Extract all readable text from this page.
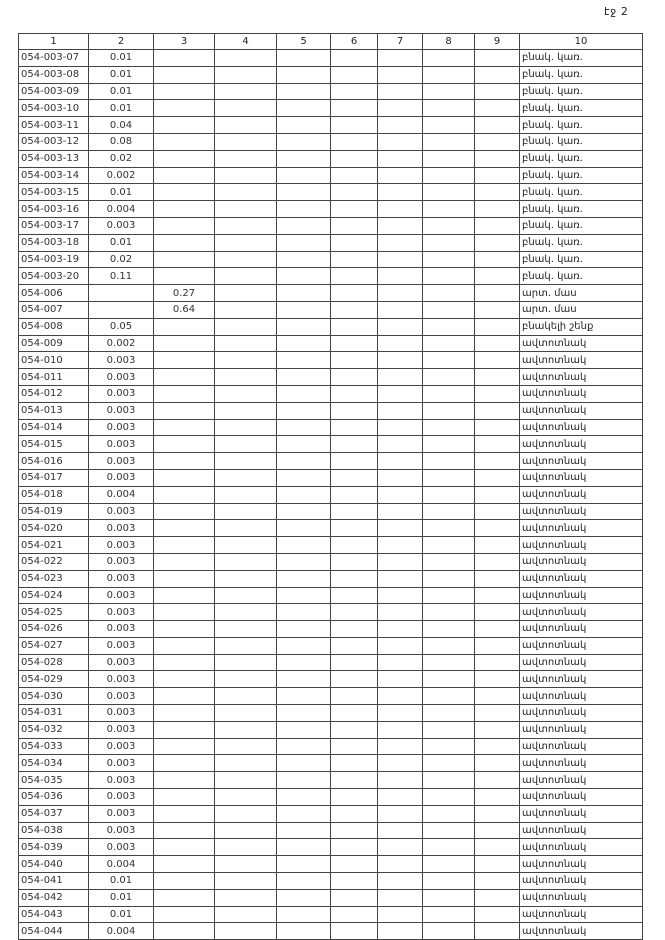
էջ 2
1	2	3	4	5	6	7	8	9	10
054-003-07	0.01								բնակ. կառ.
054-003-08	0.01								բնակ. կառ.
054-003-09	0.01								բնակ. կառ.
054-003-10	0.01								բնակ. կառ.
054-003-11	0.04								բնակ. կառ.
054-003-12	0.08								բնակ. կառ.
054-003-13	0.02								բնակ. կառ.
054-003-14	0.002								բնակ. կառ.
054-003-15	0.01								բնակ. կառ.
054-003-16	0.004								բնակ. կառ.
054-003-17	0.003								բնակ. կառ.
054-003-18	0.01								բնակ. կառ.
054-003-19	0.02								բնակ. կառ.
054-003-20	0.11								բնակ. կառ.
054-006		0.27							արտ. մաս
054-007		0.64							արտ. մաս
054-008	0.05								բնակելի շենք
054-009	0.002								ավտոտնակ
054-010	0.003								ավտոտնակ
054-011	0.003								ավտոտնակ
054-012	0.003								ավտոտնակ
054-013	0.003								ավտոտնակ
054-014	0.003								ավտոտնակ
054-015	0.003								ավտոտնակ
054-016	0.003								ավտոտնակ
054-017	0.003								ավտոտնակ
054-018	0.004								ավտոտնակ
054-019	0.003								ավտոտնակ
054-020	0.003								ավտոտնակ
054-021	0.003								ավտոտնակ
054-022	0.003								ավտոտնակ
054-023	0.003								ավտոտնակ
054-024	0.003								ավտոտնակ
054-025	0.003								ավտոտնակ
054-026	0.003								ավտոտնակ
054-027	0.003								ավտոտնակ
054-028	0.003								ավտոտնակ
054-029	0.003								ավտոտնակ
054-030	0.003								ավտոտնակ
054-031	0.003								ավտոտնակ
054-032	0.003								ավտոտնակ
054-033	0.003								ավտոտնակ
054-034	0.003								ավտոտնակ
054-035	0.003								ավտոտնակ
054-036	0.003								ավտոտնակ
054-037	0.003								ավտոտնակ
054-038	0.003								ավտոտնակ
054-039	0.003								ավտոտնակ
054-040	0.004								ավտոտնակ
054-041	0.01								ավտոտնակ
054-042	0.01								ավտոտնակ
054-043	0.01								ավտոտնակ
054-044	0.004								ավտոտնակ
